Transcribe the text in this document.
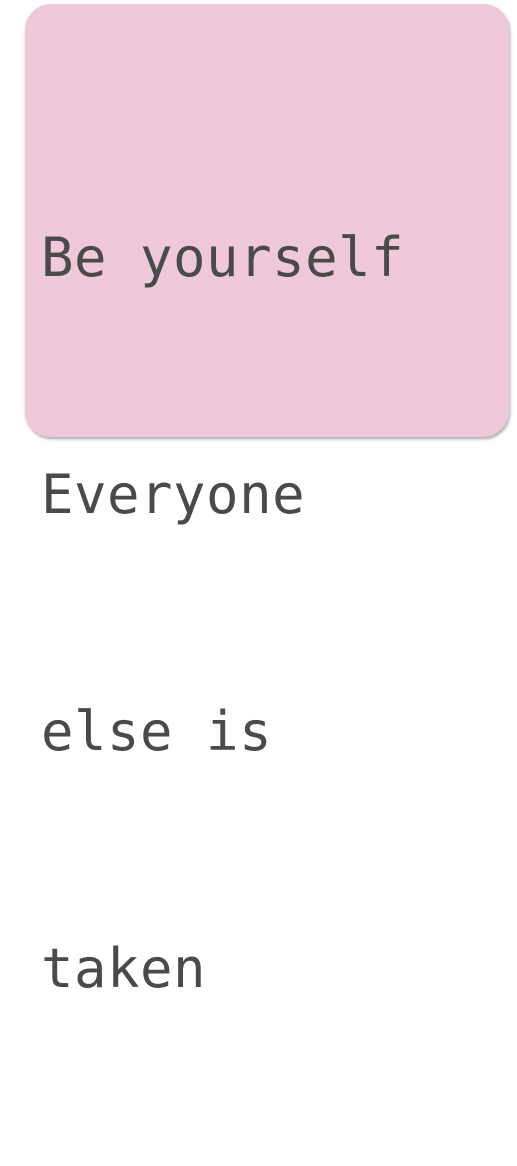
Be yourself

Everyone

else is

taken
